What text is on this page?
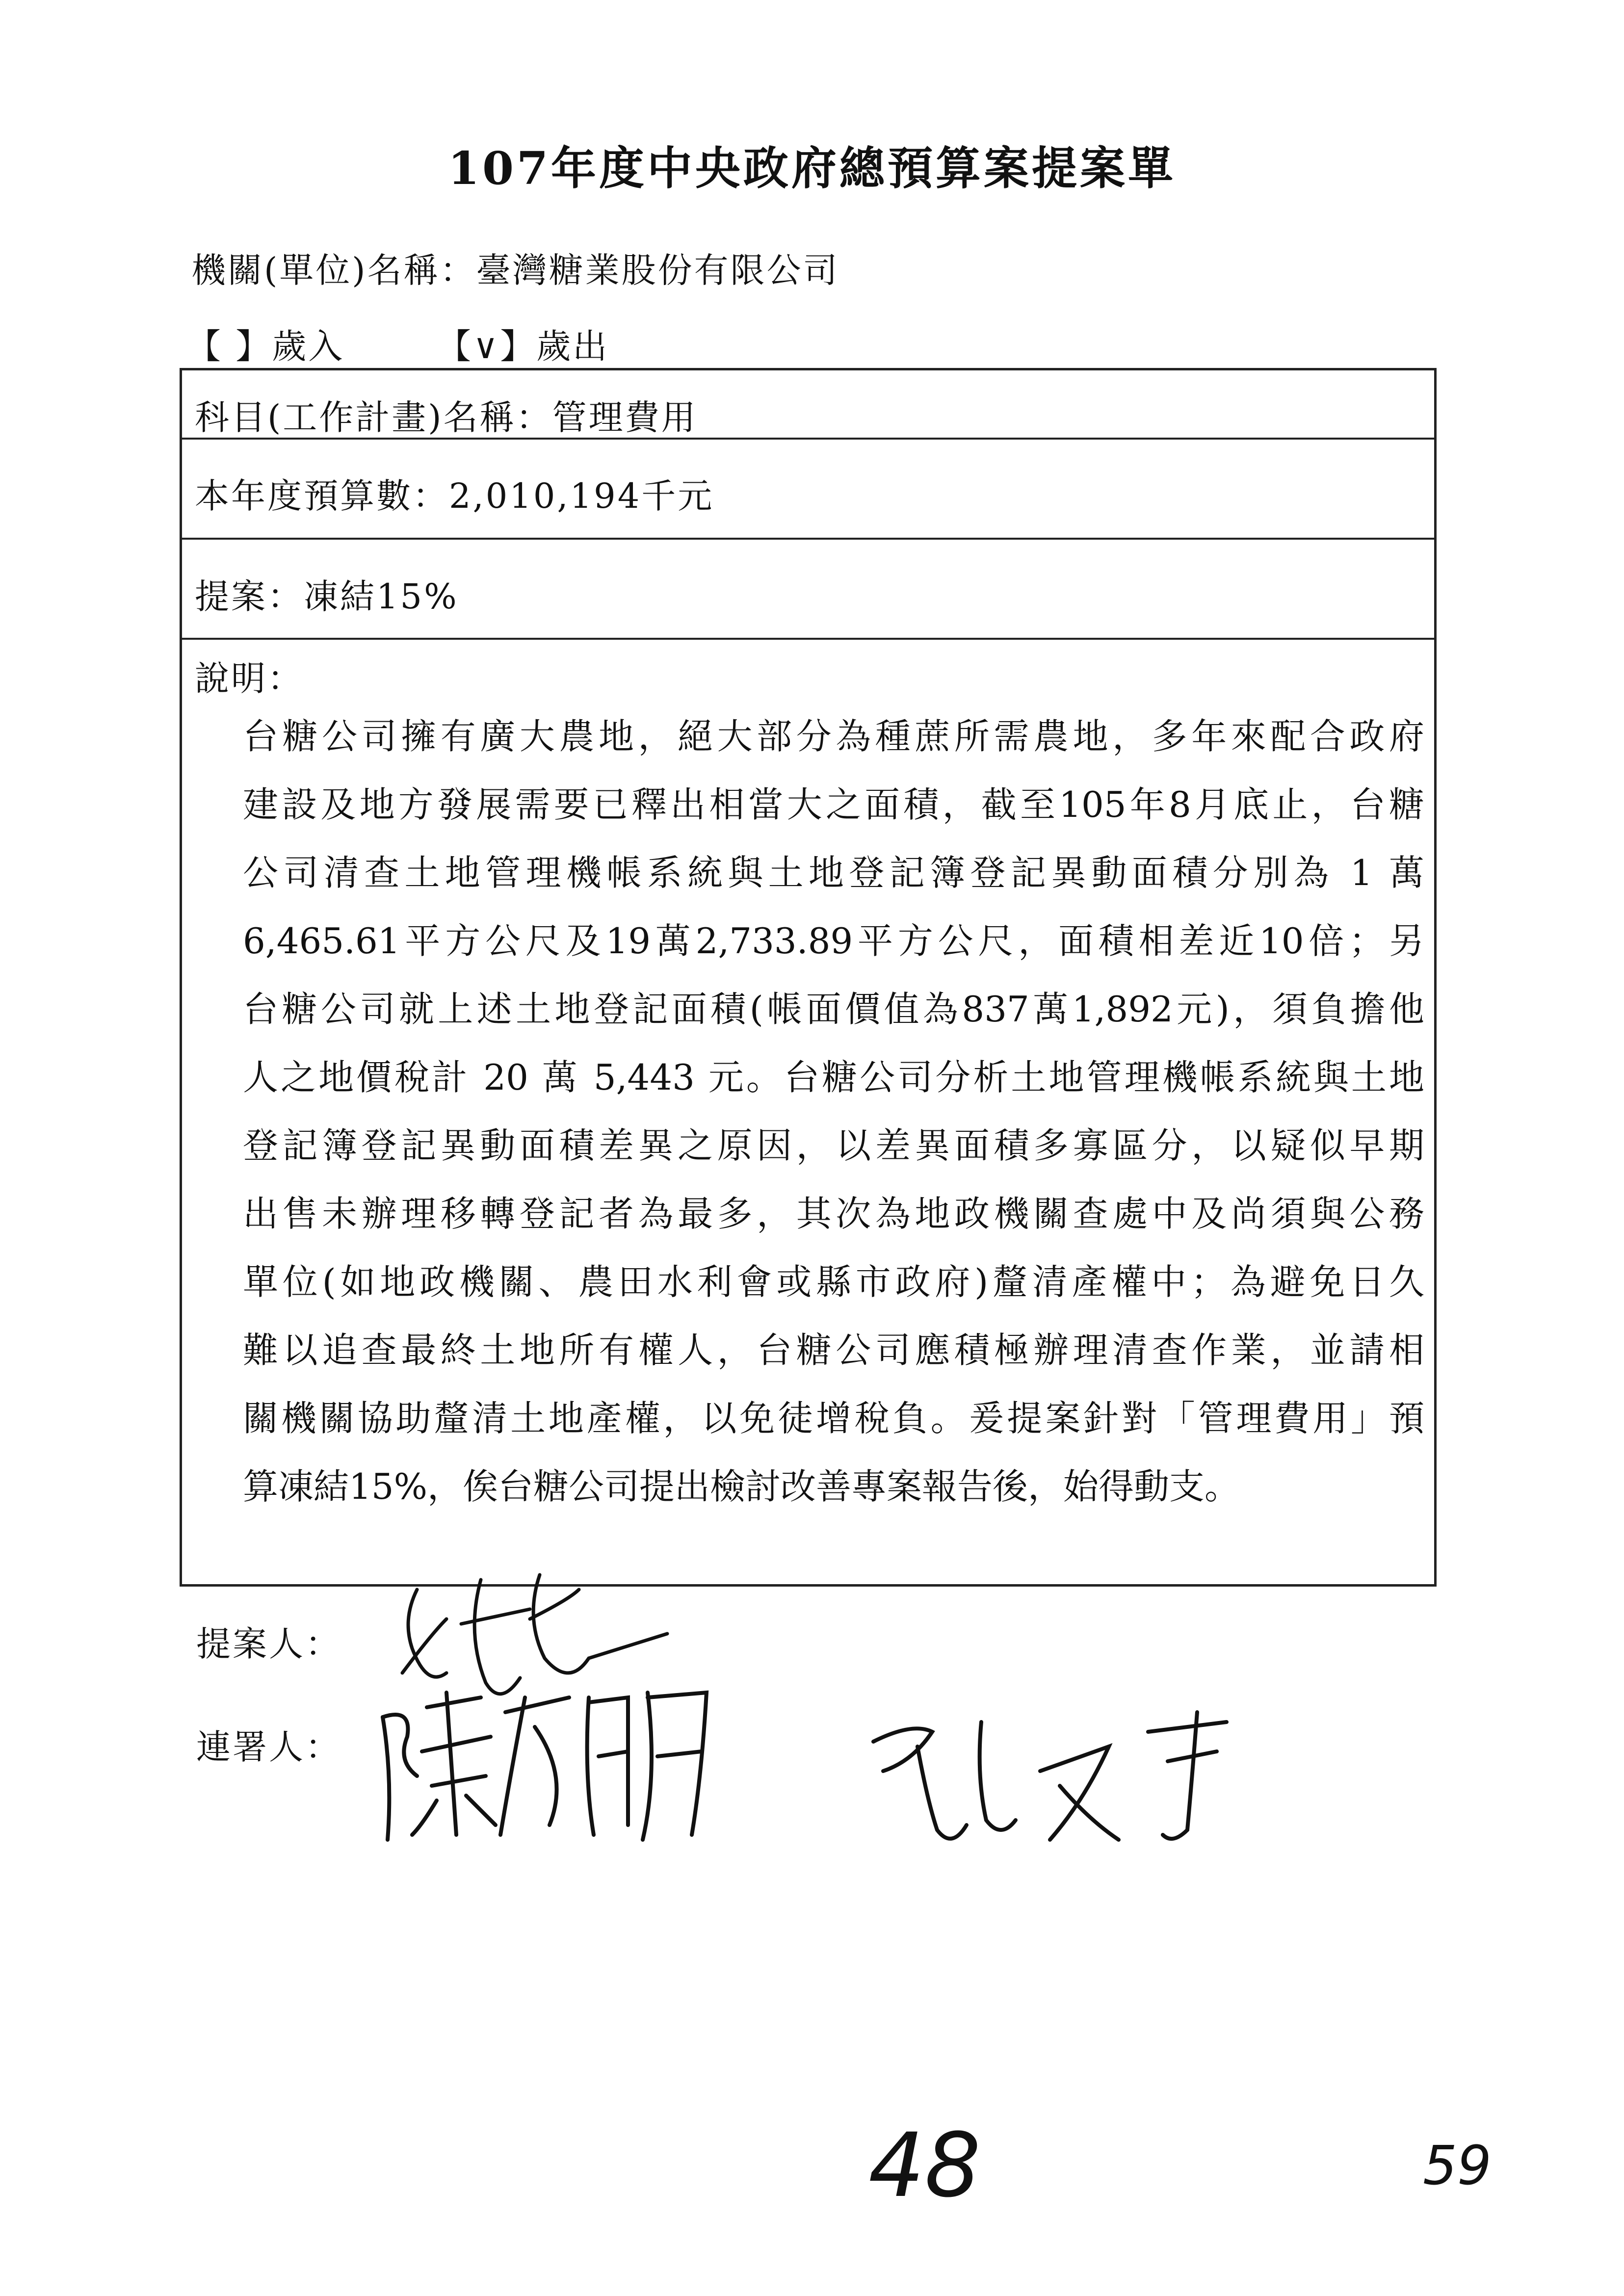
107年度中央政府總預算案提案單
機關(單位)名稱：臺灣糖業股份有限公司
【 】歲入	【∨】歲出
科目(工作計畫)名稱：管理費用
本年度預算數：2,010,194千元
提案：凍結15%
說明：
台糖公司擁有廣大農地，絕大部分為種蔗所需農地，多年來配合政府
建設及地方發展需要已釋出相當大之面積，截至105年8月底止，台糖
公司清查土地管理機帳系統與土地登記簿登記異動面積分別為 1 萬
6,465.61平方公尺及19萬2,733.89平方公尺，面積相差近10倍；另
台糖公司就上述土地登記面積(帳面價值為837萬1,892元)，須負擔他
人之地價稅計 20 萬 5,443 元。台糖公司分析土地管理機帳系統與土地
登記簿登記異動面積差異之原因，以差異面積多寡區分，以疑似早期
出售未辦理移轉登記者為最多，其次為地政機關查處中及尚須與公務
單位(如地政機關、農田水利會或縣市政府)釐清產權中；為避免日久
難以追查最終土地所有權人，台糖公司應積極辦理清查作業，並請相
關機關協助釐清土地產權，以免徒增稅負。爰提案針對「管理費用」預
算凍結15%，俟台糖公司提出檢討改善專案報告後，始得動支。
提案人：
連署人：
48	59
